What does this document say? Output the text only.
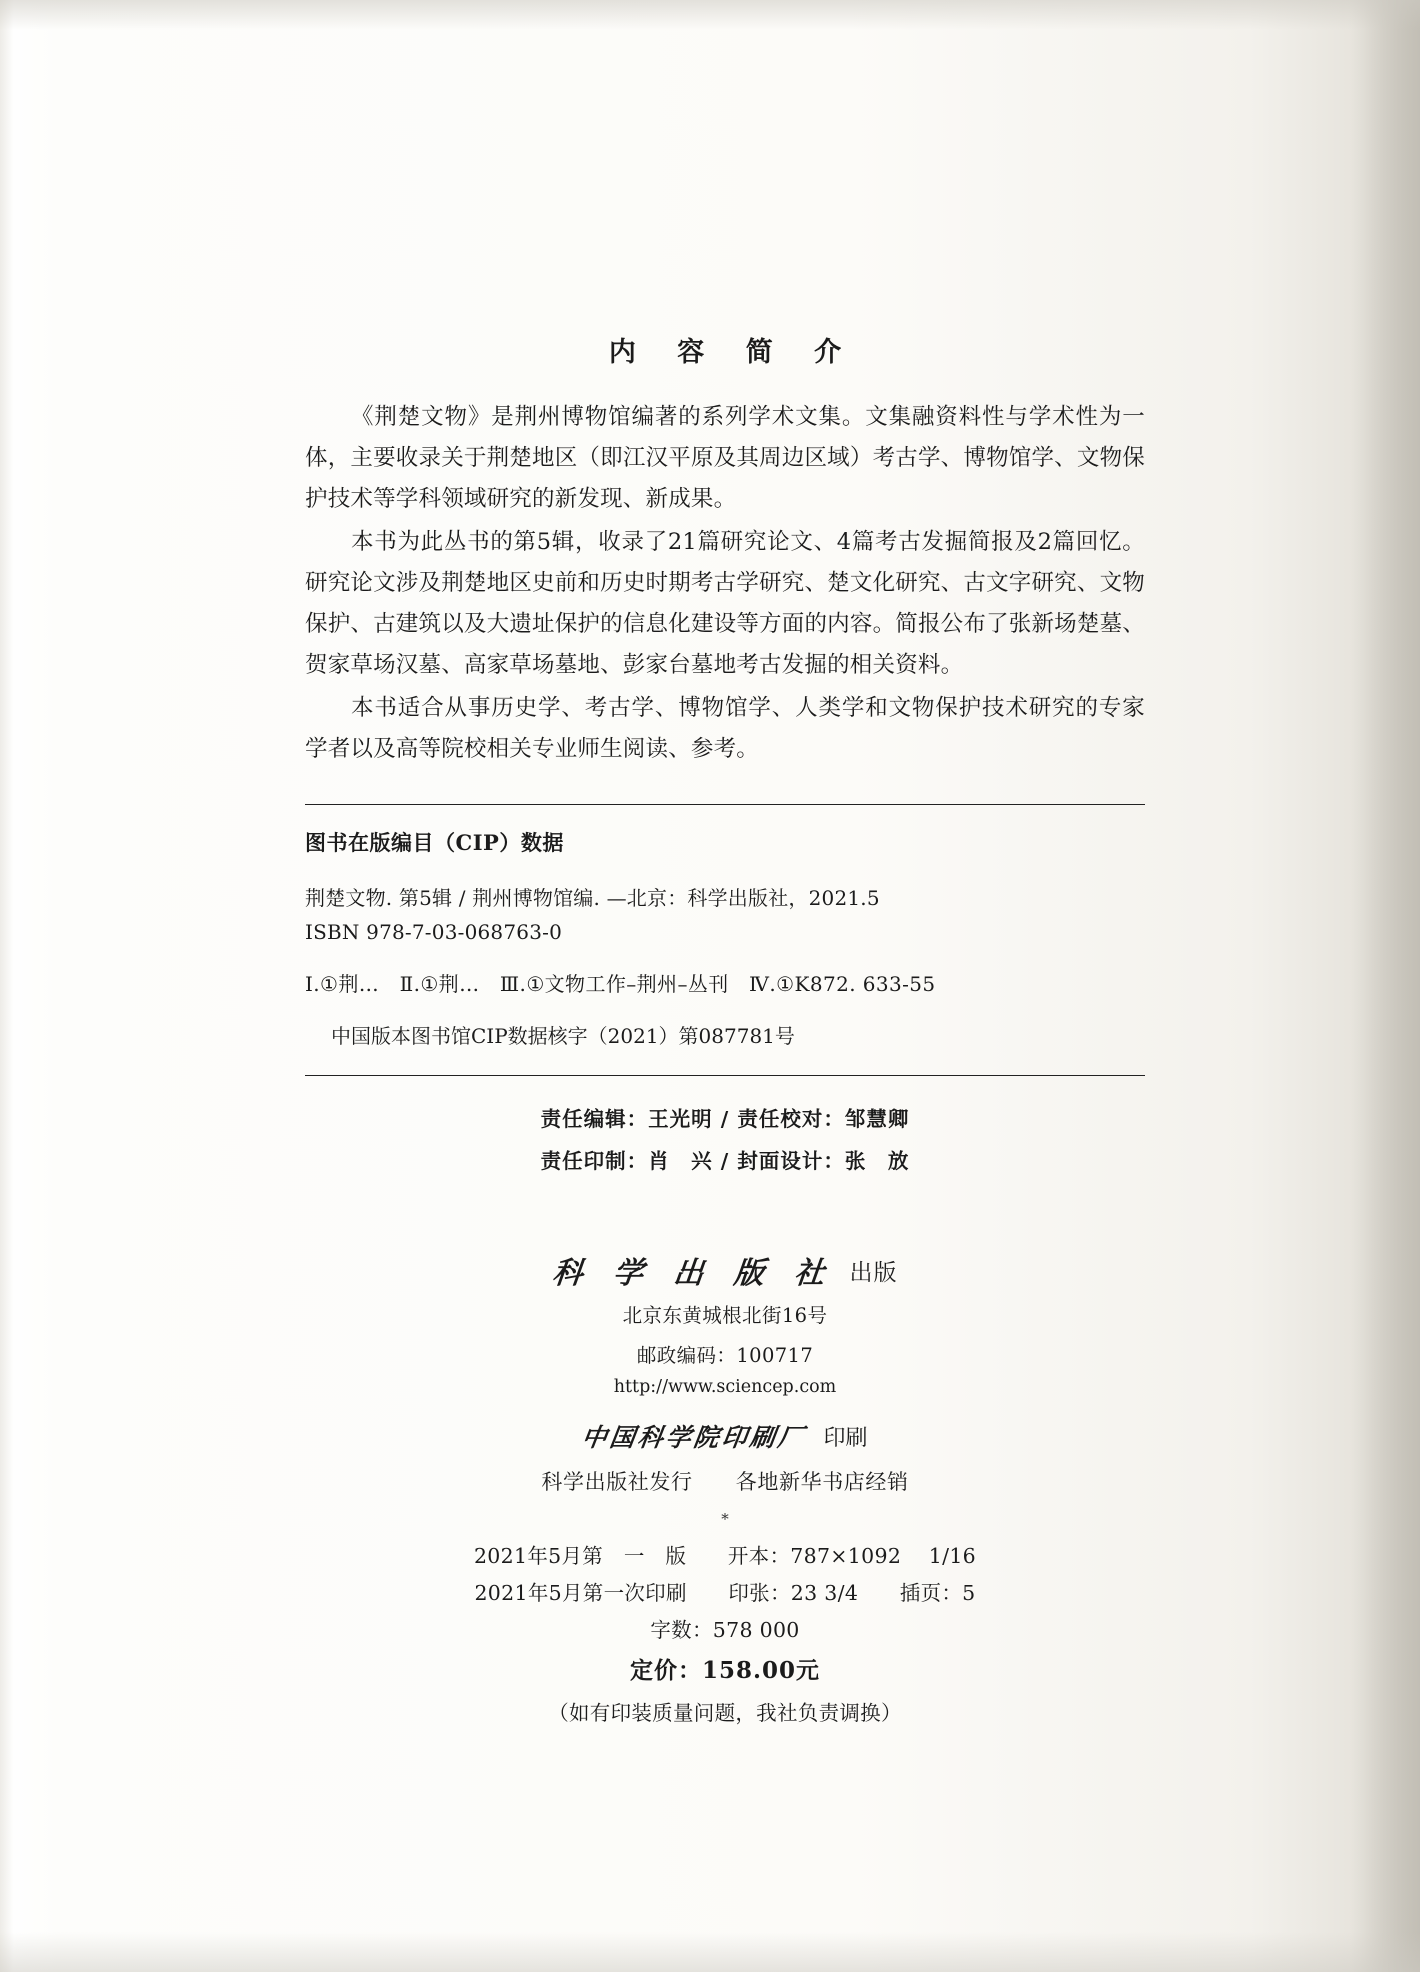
内 容 简 介

《荆楚文物》是荆州博物馆编著的系列学术文集。文集融资料性与学术性为一体，主要收录关于荆楚地区（即江汉平原及其周边区域）考古学、博物馆学、文物保护技术等学科领域研究的新发现、新成果。

本书为此丛书的第5辑，收录了21篇研究论文、4篇考古发掘简报及2篇回忆。研究论文涉及荆楚地区史前和历史时期考古学研究、楚文化研究、古文字研究、文物保护、古建筑以及大遗址保护的信息化建设等方面的内容。简报公布了张新场楚墓、贺家草场汉墓、高家草场墓地、彭家台墓地考古发掘的相关资料。

本书适合从事历史学、考古学、博物馆学、人类学和文物保护技术研究的专家学者以及高等院校相关专业师生阅读、参考。

图书在版编目（CIP）数据
荆楚文物. 第5辑 / 荆州博物馆编. —北京：科学出版社，2021.5
ISBN 978-7-03-068763-0
Ⅰ.①荆…　Ⅱ.①荆…　Ⅲ.①文物工作–荆州–丛刊　Ⅳ.①K872. 633-55
中国版本图书馆CIP数据核字（2021）第087781号
责任编辑：王光明 / 责任校对：邹慧卿
责任印制：肖　兴 / 封面设计：张　放
科 学 出 版 社 出版
北京东黄城根北街16号
邮政编码：100717
http://www.sciencep.com
中国科学院印刷厂 印刷
科学出版社发行　　各地新华书店经销
*
2021年5月第　一　版　　开本：787×1092　 1/16
2021年5月第一次印刷　　印张：23 3/4　　插页：5
字数：578 000
定价：158.00元
（如有印装质量问题，我社负责调换）
